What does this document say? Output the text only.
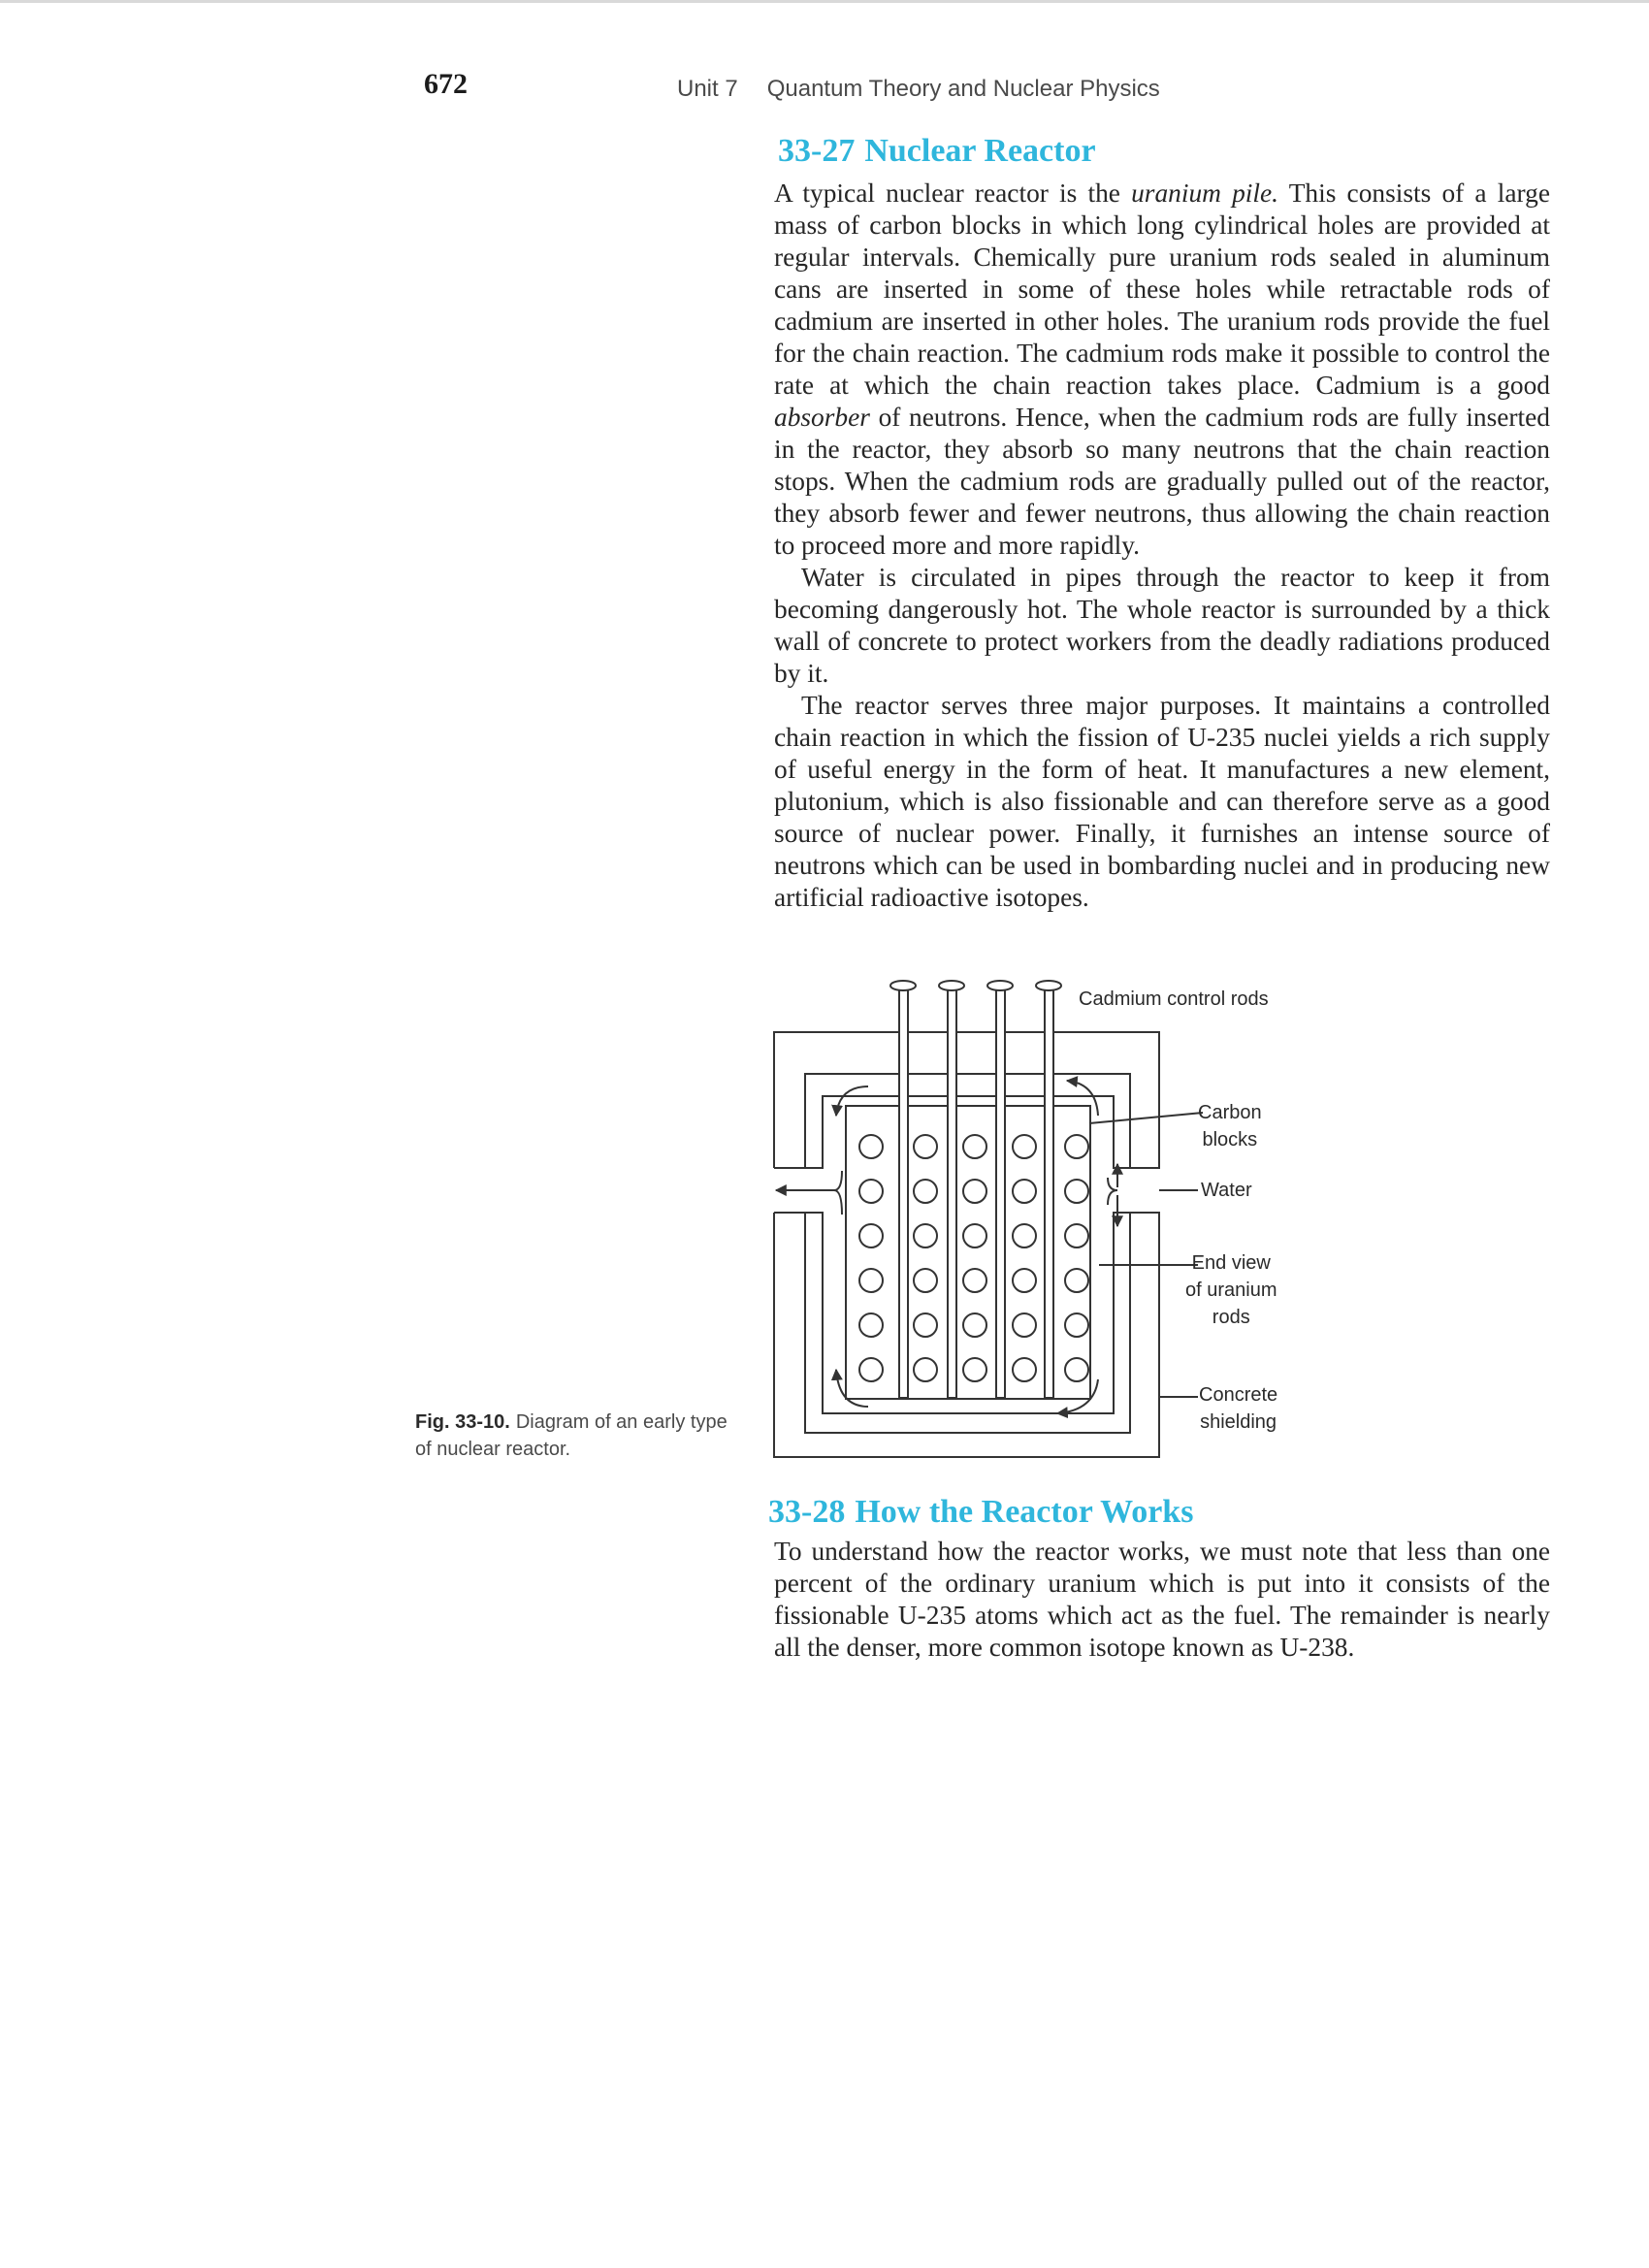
672	Unit 7 Quantum Theory and Nuclear Physics
33-27 Nuclear Reactor

A typical nuclear reactor is the uranium pile. This consists of a large mass of carbon blocks in which long cylindrical holes are provided at regular intervals. Chemically pure uranium rods sealed in aluminum cans are inserted in some of these holes while retractable rods of cadmium are inserted in other holes. The uranium rods provide the fuel for the chain reaction. The cadmium rods make it possible to control the rate at which the chain reaction takes place. Cadmium is a good absorber of neutrons. Hence, when the cadmium rods are fully inserted in the reactor, they absorb so many neutrons that the chain reaction stops. When the cadmium rods are gradually pulled out of the reactor, they absorb fewer and fewer neutrons, thus allowing the chain reaction to proceed more and more rapidly.

Water is circulated in pipes through the reactor to keep it from becoming dangerously hot. The whole reactor is surrounded by a thick wall of concrete to protect workers from the deadly radiations produced by it.

The reactor serves three major purposes. It maintains a controlled chain reaction in which the fission of U-235 nuclei yields a rich supply of useful energy in the form of heat. It manufactures a new element, plutonium, which is also fissionable and can therefore serve as a good source of nuclear power. Finally, it furnishes an intense source of neutrons which can be used in bombarding nuclei and in producing new artificial radioactive isotopes.

Cadmium control rods
Carbon
blocks
Water
End view
of uranium
rods
Concrete
shielding
Fig. 33-10. Diagram of an early type of nuclear reactor.
33-28 How the Reactor Works

To understand how the reactor works, we must note that less than one percent of the ordinary uranium which is put into it consists of the fissionable U-235 atoms which act as the fuel. The remainder is nearly all the denser, more common isotope known as U-238.
